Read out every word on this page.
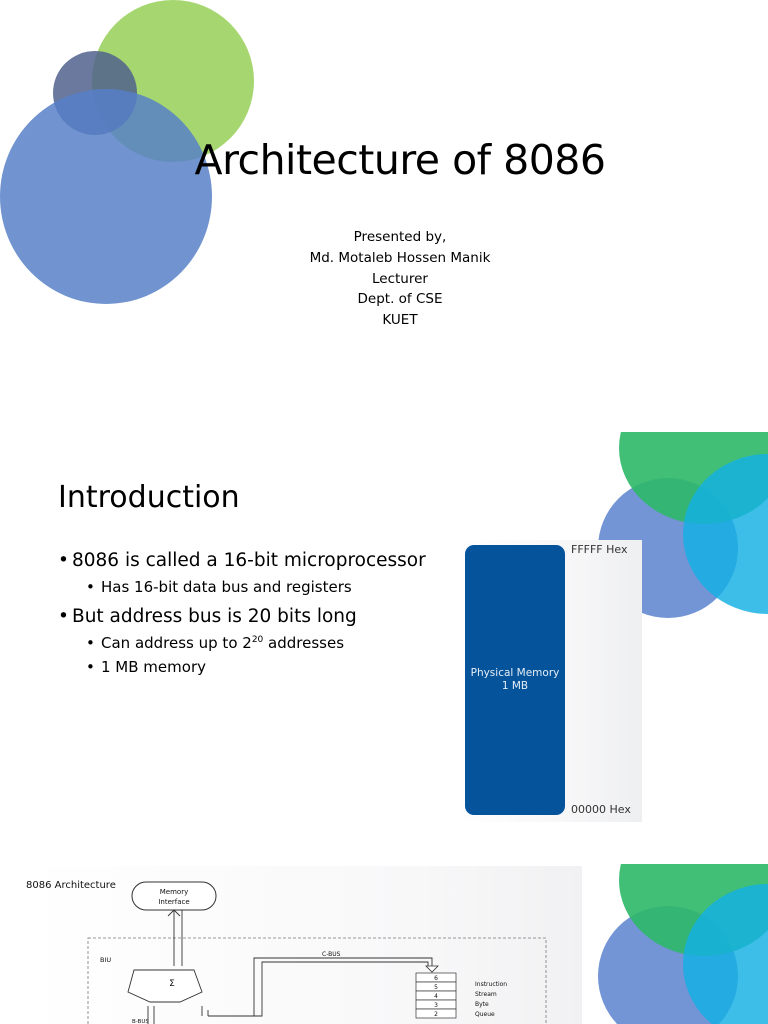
Architecture of 8086
Presented by,
Md. Motaleb Hossen Manik
Lecturer
Dept. of CSE
KUET
Introduction
• 8086 is called a 16-bit microprocessor
• Has 16-bit data bus and registers
• But address bus is 20 bits long
• Can address up to $2^{20}$ addresses
• 1 MB memory	Physical Memory
1 MB
FFFFF Hex
00000 Hex
8086 Architecture
Memory
Interface
BIU
Σ
C-BUS
B-BUS
6
5
4
3
2
Instruction
Stream
Byte
Queue
